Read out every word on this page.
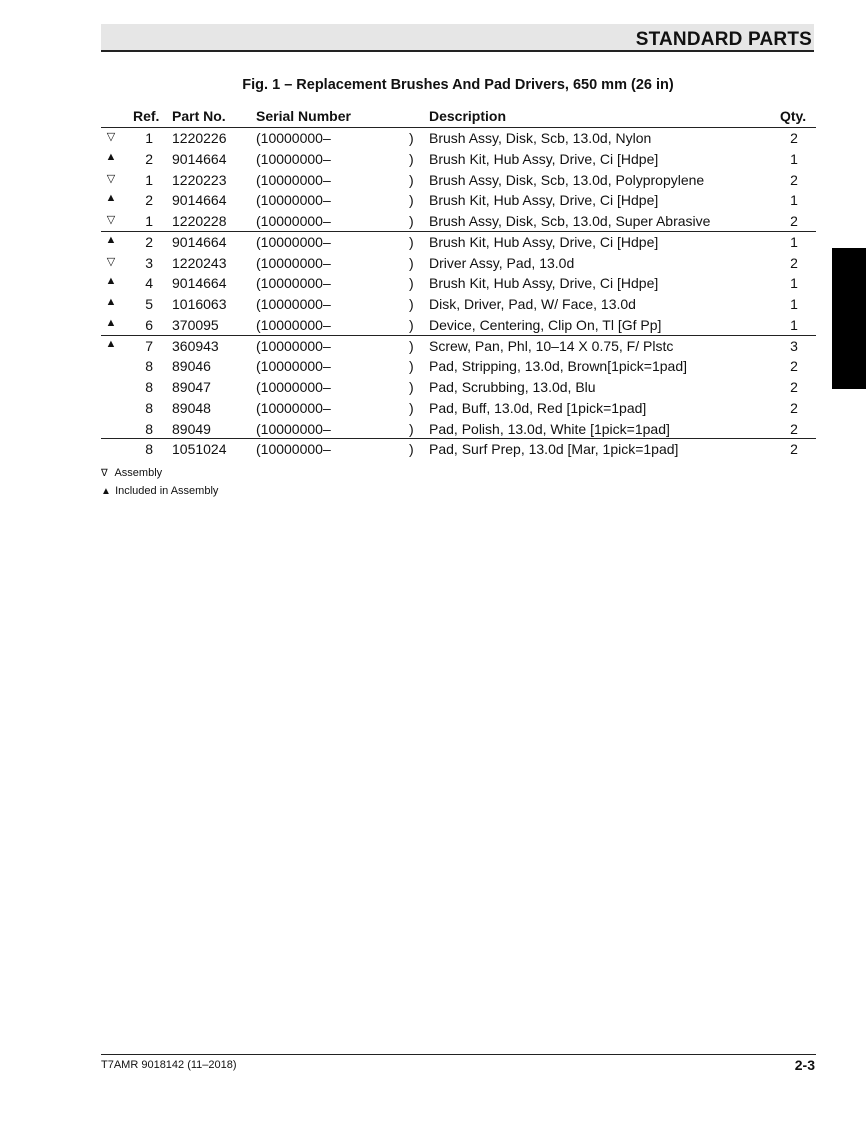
STANDARD PARTS
Fig. 1 – Replacement Brushes And Pad Drivers, 650 mm (26 in)
Ref. Part No. Serial Number	Description	Qty.
▽	1 1220226 (10000000–	) Brush Assy, Disk, Scb, 13.0d, Nylon	2
▲	2 9014664 (10000000–	) Brush Kit, Hub Assy, Drive, Ci [Hdpe]	1
▽	1 1220223 (10000000–	) Brush Assy, Disk, Scb, 13.0d, Polypropylene	2
▲	2 9014664 (10000000–	) Brush Kit, Hub Assy, Drive, Ci [Hdpe]	1
▽	1 1220228 (10000000–	) Brush Assy, Disk, Scb, 13.0d, Super Abrasive	2
▲	2 9014664 (10000000–	) Brush Kit, Hub Assy, Drive, Ci [Hdpe]	1
▽	3 1220243 (10000000–	) Driver Assy, Pad, 13.0d	2
▲	4 9014664 (10000000–	) Brush Kit, Hub Assy, Drive, Ci [Hdpe]	1
▲	5 1016063 (10000000–	) Disk, Driver, Pad, W/ Face, 13.0d	1
▲	6 370095	(10000000–	) Device, Centering, Clip On, Tl [Gf Pp]	1
▲	7 360943	(10000000–	) Screw, Pan, Phl, 10–14 X 0.75, F/ Plstc	3
8 89046	(10000000–	) Pad, Stripping, 13.0d, Brown[1pick=1pad]	2
8 89047	(10000000–	) Pad, Scrubbing, 13.0d, Blu	2
8 89048	(10000000–	) Pad, Buff, 13.0d, Red [1pick=1pad]	2
8 89049	(10000000–	) Pad, Polish, 13.0d, White [1pick=1pad]	2
8 1051024 (10000000–	) Pad, Surf Prep, 13.0d [Mar, 1pick=1pad]	2
∇ Assembly
▲ Included in Assembly
T7AMR 9018142 (11–2018)	2-3
